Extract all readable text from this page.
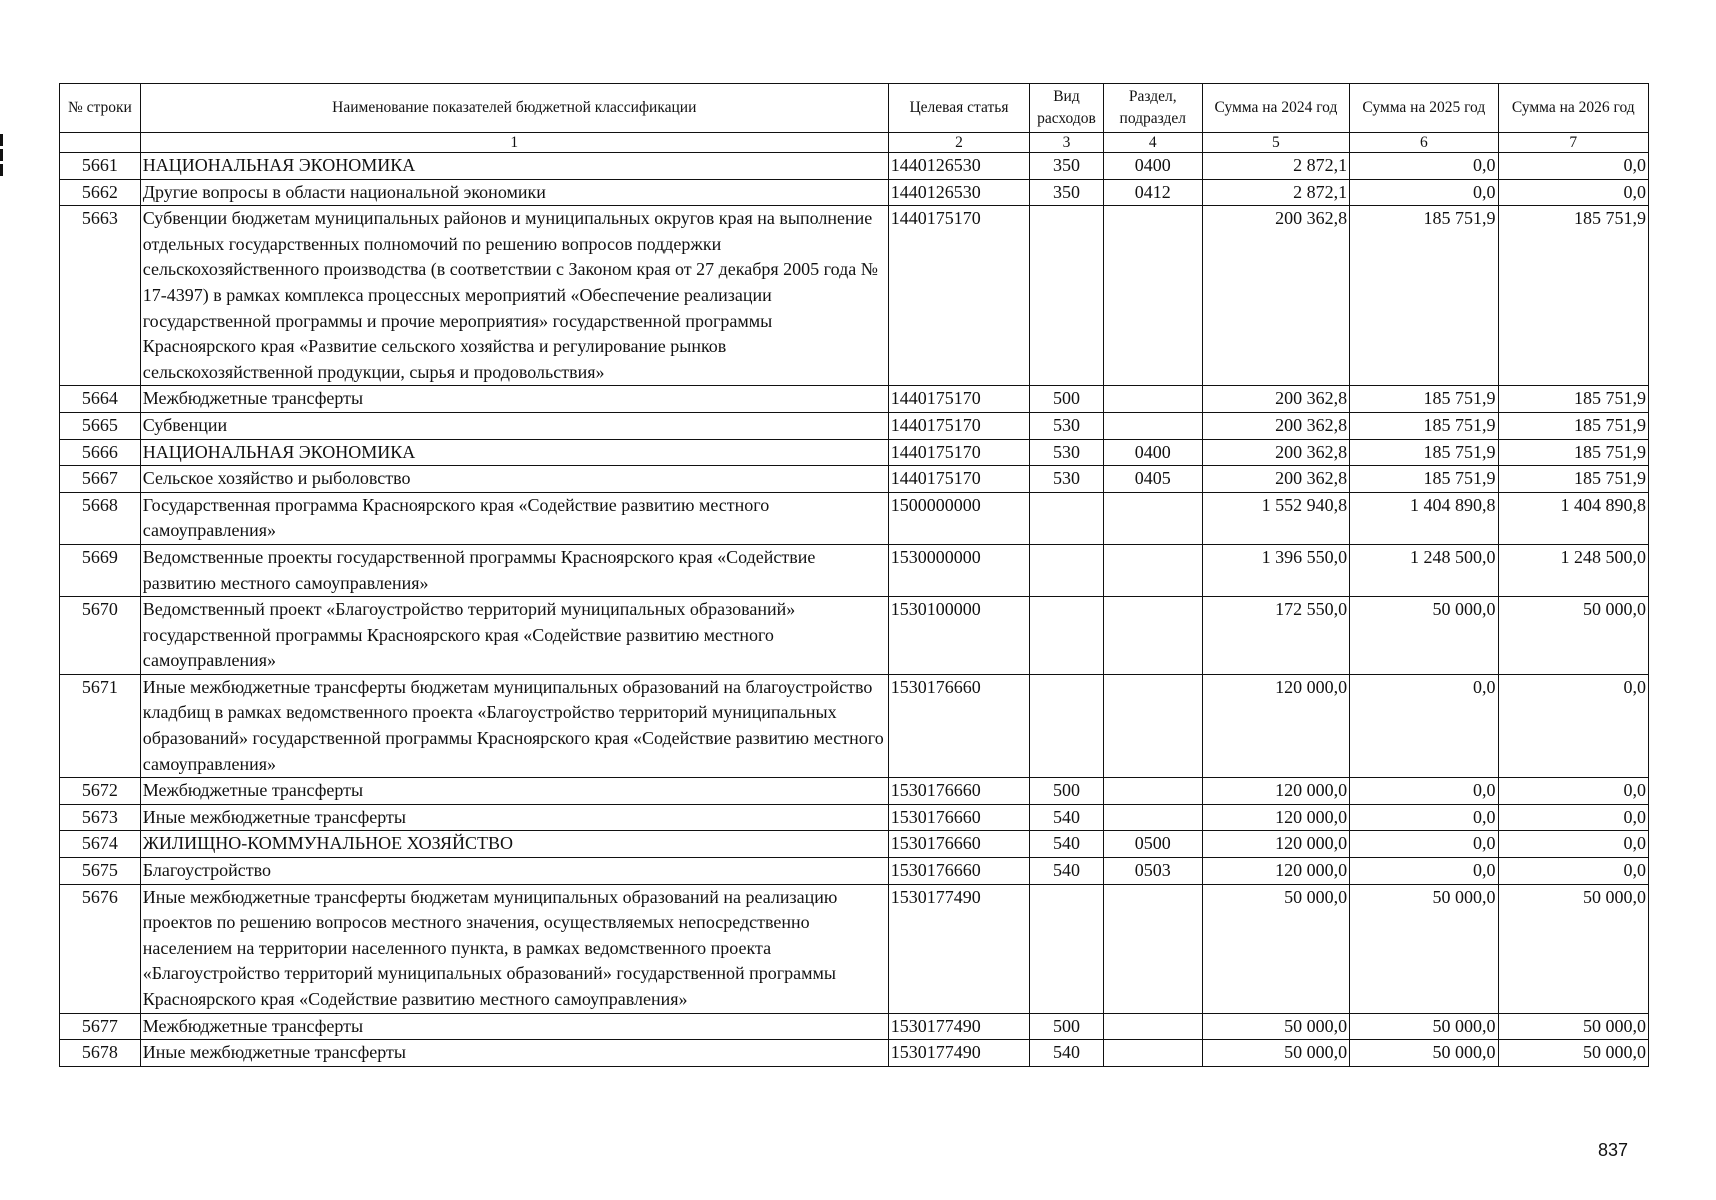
№ строки	Наименование показателей бюджетной классификации	Целевая статья	Вид расходов	Раздел, подраздел	Сумма на 2024 год	Сумма на 2025 год	Сумма на 2026 год
	1	2	3	4	5	6	7
5661	НАЦИОНАЛЬНАЯ ЭКОНОМИКА	1440126530	350	0400	2 872,1	0,0	0,0
5662	Другие вопросы в области национальной экономики	1440126530	350	0412	2 872,1	0,0	0,0
5663	Субвенции бюджетам муниципальных районов и муниципальных округов края на выполнение отдельных государственных полномочий по решению вопросов поддержки сельскохозяйственного производства (в соответствии с Законом края от 27 декабря 2005 года № 17-4397) в рамках комплекса процессных мероприятий «Обеспечение реализации государственной программы и прочие мероприятия» государственной программы Красноярского края «Развитие сельского хозяйства и регулирование рынков сельскохозяйственной продукции, сырья и продовольствия»	1440175170			200 362,8	185 751,9	185 751,9
5664	Межбюджетные трансферты	1440175170	500		200 362,8	185 751,9	185 751,9
5665	Субвенции	1440175170	530		200 362,8	185 751,9	185 751,9
5666	НАЦИОНАЛЬНАЯ ЭКОНОМИКА	1440175170	530	0400	200 362,8	185 751,9	185 751,9
5667	Сельское хозяйство и рыболовство	1440175170	530	0405	200 362,8	185 751,9	185 751,9
5668	Государственная программа Красноярского края «Содействие развитию местного самоуправления»	1500000000			1 552 940,8	1 404 890,8	1 404 890,8
5669	Ведомственные проекты государственной программы Красноярского края «Содействие развитию местного самоуправления»	1530000000			1 396 550,0	1 248 500,0	1 248 500,0
5670	Ведомственный проект «Благоустройство территорий муниципальных образований» государственной программы Красноярского края «Содействие развитию местного самоуправления»	1530100000			172 550,0	50 000,0	50 000,0
5671	Иные межбюджетные трансферты бюджетам муниципальных образований на благоустройство кладбищ в рамках ведомственного проекта «Благоустройство территорий муниципальных образований» государственной программы Красноярского края «Содействие развитию местного самоуправления»	1530176660			120 000,0	0,0	0,0
5672	Межбюджетные трансферты	1530176660	500		120 000,0	0,0	0,0
5673	Иные межбюджетные трансферты	1530176660	540		120 000,0	0,0	0,0
5674	ЖИЛИЩНО-КОММУНАЛЬНОЕ ХОЗЯЙСТВО	1530176660	540	0500	120 000,0	0,0	0,0
5675	Благоустройство	1530176660	540	0503	120 000,0	0,0	0,0
5676	Иные межбюджетные трансферты бюджетам муниципальных образований на реализацию проектов по решению вопросов местного значения, осуществляемых непосредственно населением на территории населенного пункта, в рамках ведомственного проекта «Благоустройство территорий муниципальных образований» государственной программы Красноярского края «Содействие развитию местного самоуправления»	1530177490			50 000,0	50 000,0	50 000,0
5677	Межбюджетные трансферты	1530177490	500		50 000,0	50 000,0	50 000,0
5678	Иные межбюджетные трансферты	1530177490	540		50 000,0	50 000,0	50 000,0
837
